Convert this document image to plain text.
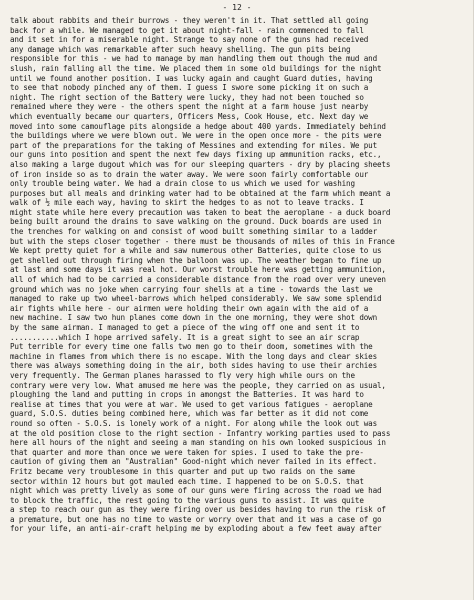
- 12 -
talk about rabbits and their burrows - they weren't in it. That settled all going
back for a while. We managed to get it about night-fall - rain commenced to fall
and it set in for a miserable night. Strange to say none of the guns had received
any damage which was remarkable after such heavy shelling. The gun pits being
responsible for this - we had to manage by man handling them out though the mud and
slush, rain falling all the time. We placed them in some old buildings for the night
until we found another position. I was lucky again and caught Guard duties, having
to see that nobody pinched any of them. I guess I swore some picking it on such a
night. The right section of the Battery were lucky, they had not been touched so
remained where they were - the others spent the night at a farm house just nearby
which eventually became our quarters, Officers Mess, Cook House, etc. Next day we
moved into some camouflage pits alongside a hedge about 400 yards. Immediately behind
the buildings where we were blown out. We were in the open once more - the pits were
part of the preparations for the taking of Messines and extending for miles. We put
our guns into position and spent the next few days fixing up ammunition racks, etc.,
also making a large dugout which was for our sleeping quarters - dry by placing sheets
of iron inside so as to drain the water away. We were soon fairly comfortable our
only trouble being water. We had a drain close to us which we used for washing
purposes but all meals and drinking water had to be obtained at the farm which meant a
walk of ½ mile each way, having to skirt the hedges to as not to leave tracks. I
might state while here every precaution was taken to beat the aeroplane - a duck board
being built around the drains to save walking on the ground. Duck boards are used in
the trenches for walking on and consist of wood built something similar to a ladder
but with the steps closer together - there must be thousands of miles of this in France
We kept pretty quiet for a while and saw numerous other Batteries, quite close to us
get shelled out through firing when the balloon was up. The weather began to fine up
at last and some days it was real hot. Our worst trouble here was getting ammunition,
all of which had to be carried a considerable distance from the road over very uneven
ground which was no joke when carrying four shells at a time - towards the last we
managed to rake up two wheel-barrows which helped considerably. We saw some splendid
air fights while here - our airmen were holding their own again with the aid of a
new machine. I saw two hun planes come down in the one morning, they were shot down
by the same airman. I managed to get a piece of the wing off one and sent it to
...........which I hope arrived safely. It is a great sight to see an air scrap
Put terrible for every time one falls two men go to their doom, sometimes with the
machine in flames from which there is no escape. With the long days and clear skies
there was always something doing in the air, both sides having to use their archies
very frequently. The German planes harassed to fly very high while ours on the
contrary were very low. What amused me here was the people, they carried on as usual,
ploughing the land and putting in crops in amongst the Batteries. It was hard to
realise at times that you were at war. We used to get various fatigues - aeroplane
guard, S.O.S. duties being combined here, which was far better as it did not come
round so often - S.O.S. is lonely work of a night. For along while the look out was
at the old position close to the right section - Infantry working parties used to pass
here all hours of the night and seeing a man standing on his own looked suspicious in
that quarter and more than once we were taken for spies. I used to take the pre-
caution of giving them an "Australian" Good-night which never failed in its effect.
Fritz became very troublesome in this quarter and put up two raids on the same
sector within 12 hours but got mauled each time. I happened to be on S.O.S. that
night which was pretty lively as some of our guns were firing across the road we had
to block the traffic, the rest going to the various guns to assist. It was quite
a step to reach our gun as they were firing over us besides having to run the risk of
a premature, but one has no time to waste or worry over that and it was a case of go
for your life, an anti-air-craft helping me by exploding about a few feet away after
